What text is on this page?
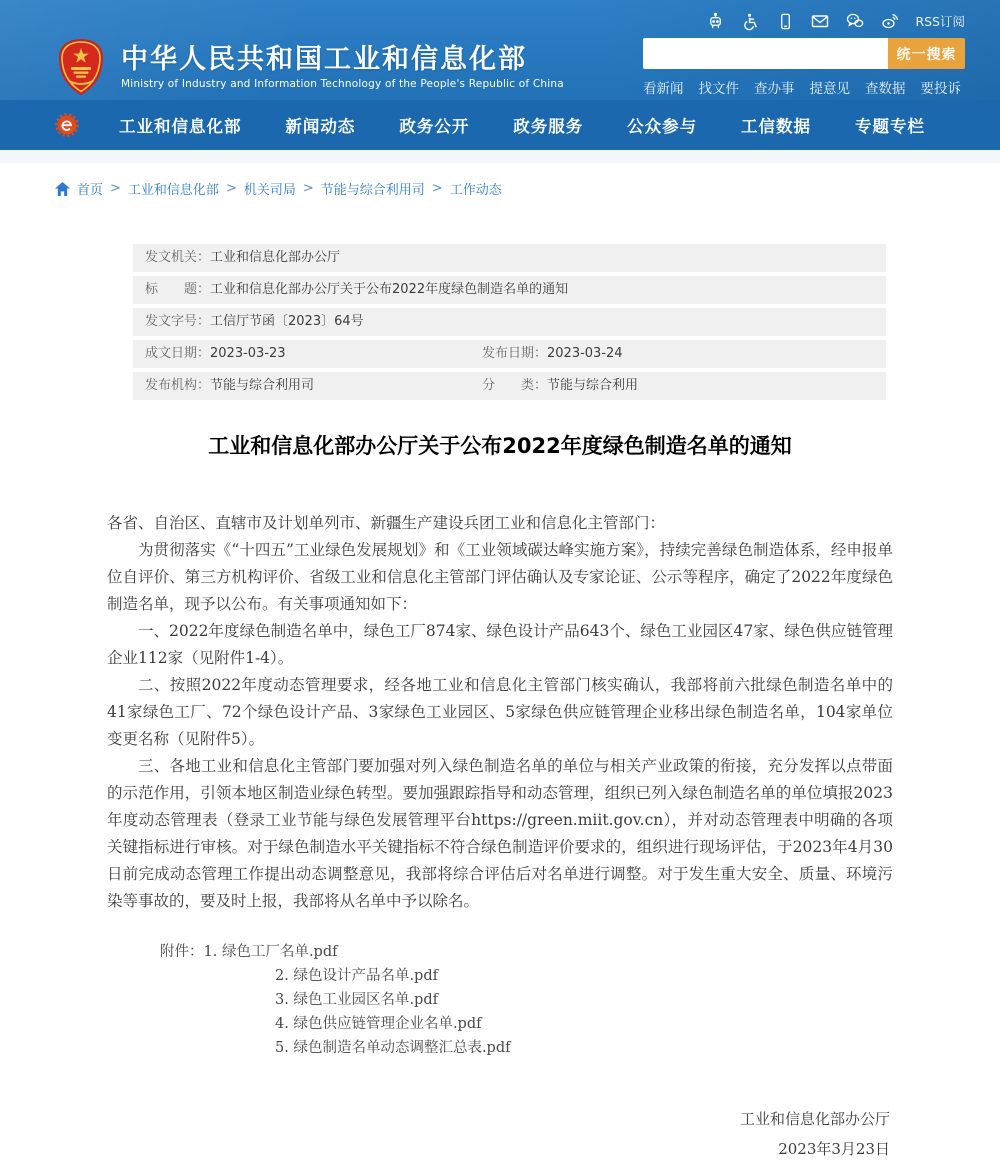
RSS订阅
中华人民共和国工业和信息化部
Ministry of Industry and Information Technology of the People's Republic of China
统一搜索
看新闻 找文件 查办事 提意见 查数据 要投诉
工业和信息化部	新闻动态	政务公开	政务服务	公众参与	工信数据	专题专栏
首页 > 工业和信息化部 > 机关司局 > 节能与综合利用司 > 工作动态
发文机关： 工业和信息化部办公厅
标　　题： 工业和信息化部办公厅关于公布2022年度绿色制造名单的通知
发文字号： 工信厅节函〔2023〕64号
成文日期： 2023-03-23	发布日期： 2023-03-24
发布机构： 节能与综合利用司	分　　类： 节能与综合利用
工业和信息化部办公厅关于公布2022年度绿色制造名单的通知

各省、自治区、直辖市及计划单列市、新疆生产建设兵团工业和信息化主管部门：

为贯彻落实《“十四五”工业绿色发展规划》和《工业领域碳达峰实施方案》，持续完善绿色制造体系，经申报单位自评价、第三方机构评价、省级工业和信息化主管部门评估确认及专家论证、公示等程序，确定了2022年度绿色制造名单，现予以公布。有关事项通知如下：

一、2022年度绿色制造名单中，绿色工厂874家、绿色设计产品643个、绿色工业园区47家、绿色供应链管理企业112家（见附件1-4）。

二、按照2022年度动态管理要求，经各地工业和信息化主管部门核实确认，我部将前六批绿色制造名单中的41家绿色工厂、72个绿色设计产品、3家绿色工业园区、5家绿色供应链管理企业移出绿色制造名单，104家单位变更名称（见附件5）。

三、各地工业和信息化主管部门要加强对列入绿色制造名单的单位与相关产业政策的衔接，充分发挥以点带面的示范作用，引领本地区制造业绿色转型。要加强跟踪指导和动态管理，组织已列入绿色制造名单的单位填报2023年度动态管理表（登录工业节能与绿色发展管理平台https://green.miit.gov.cn），并对动态管理表中明确的各项关键指标进行审核。对于绿色制造水平关键指标不符合绿色制造评价要求的，组织进行现场评估，于2023年4月30日前完成动态管理工作提出动态调整意见，我部将综合评估后对名单进行调整。对于发生重大安全、质量、环境污染等事故的，要及时上报，我部将从名单中予以除名。

附件： 1. 绿色工厂名单.pdf
2. 绿色设计产品名单.pdf
3. 绿色工业园区名单.pdf
4. 绿色供应链管理企业名单.pdf
5. 绿色制造名单动态调整汇总表.pdf
工业和信息化部办公厅
2023年3月23日
